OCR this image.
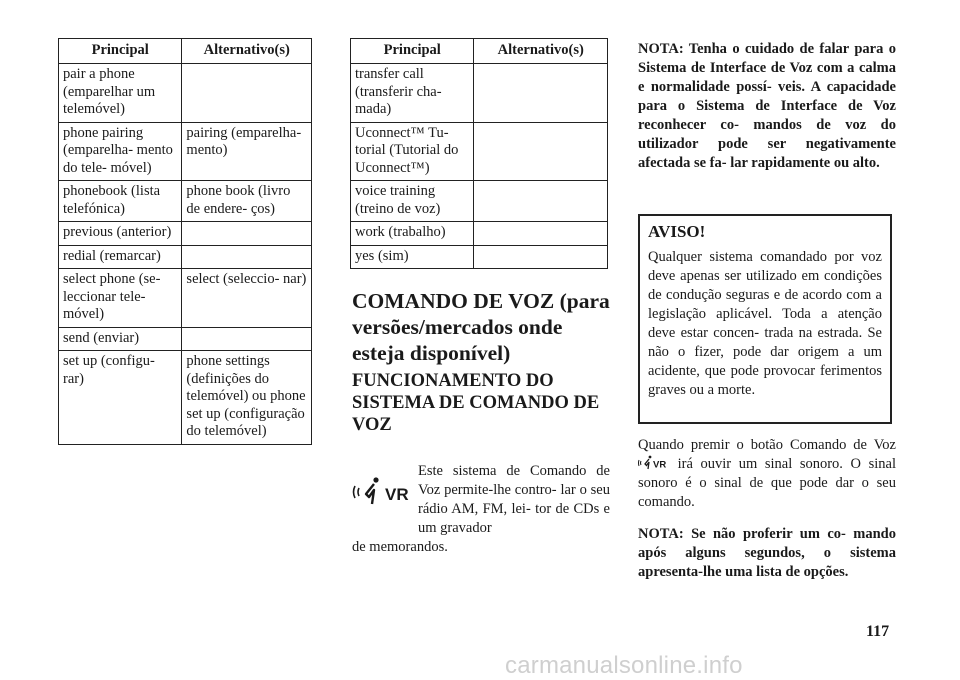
Principal	Alternativo(s)
pair a phone (emparelhar um telemóvel)	
phone pairing (emparelha- mento do tele- móvel)	pairing (emparelha- mento)
phonebook (lista telefónica)	phone book (livro de endere- ços)
previous (anterior)	
redial (remarcar)	
select phone (se- leccionar tele- móvel)	select (seleccio- nar)
send (enviar)	
set up (configu- rar)	phone settings (definições do telemóvel) ou phone set up (configuração do telemóvel)
Principal	Alternativo(s)
transfer call (transferir cha- mada)	
Uconnect™ Tu- torial (Tutorial do Uconnect™)	
voice training (treino de voz)	
work (trabalho)	
yes (sim)	
COMANDO DE VOZ (para versões/mercados onde esteja disponível)
FUNCIONAMENTO DO SISTEMA DE COMANDO DE VOZ
VR

Este sistema de Comando de Voz permite-lhe contro- lar o seu rádio AM, FM, lei- tor de CDs e um gravador
de memorandos.

NOTA: Tenha o cuidado de falar para o Sistema de Interface de Voz com a calma e normalidade possí- veis. A capacidade para o Sistema de Interface de Voz reconhecer co- mandos de voz do utilizador pode ser negativamente afectada se fa- lar rapidamente ou alto.

AVISO!

Qualquer sistema comandado por voz deve apenas ser utilizado em condições de condução seguras e de acordo com a legislação aplicável. Toda a atenção deve estar concen- trada na estrada. Se não o fizer, pode dar origem a um acidente, que pode provocar ferimentos graves ou a morte.

Quando premir o botão Comando de Voz
VR irá ouvir um sinal sonoro. O sinal sonoro é o sinal de que pode dar o seu comando.

NOTA: Se não proferir um co- mando após alguns segundos, o sistema apresenta-lhe uma lista de opções.

117
carmanualsonline.info
